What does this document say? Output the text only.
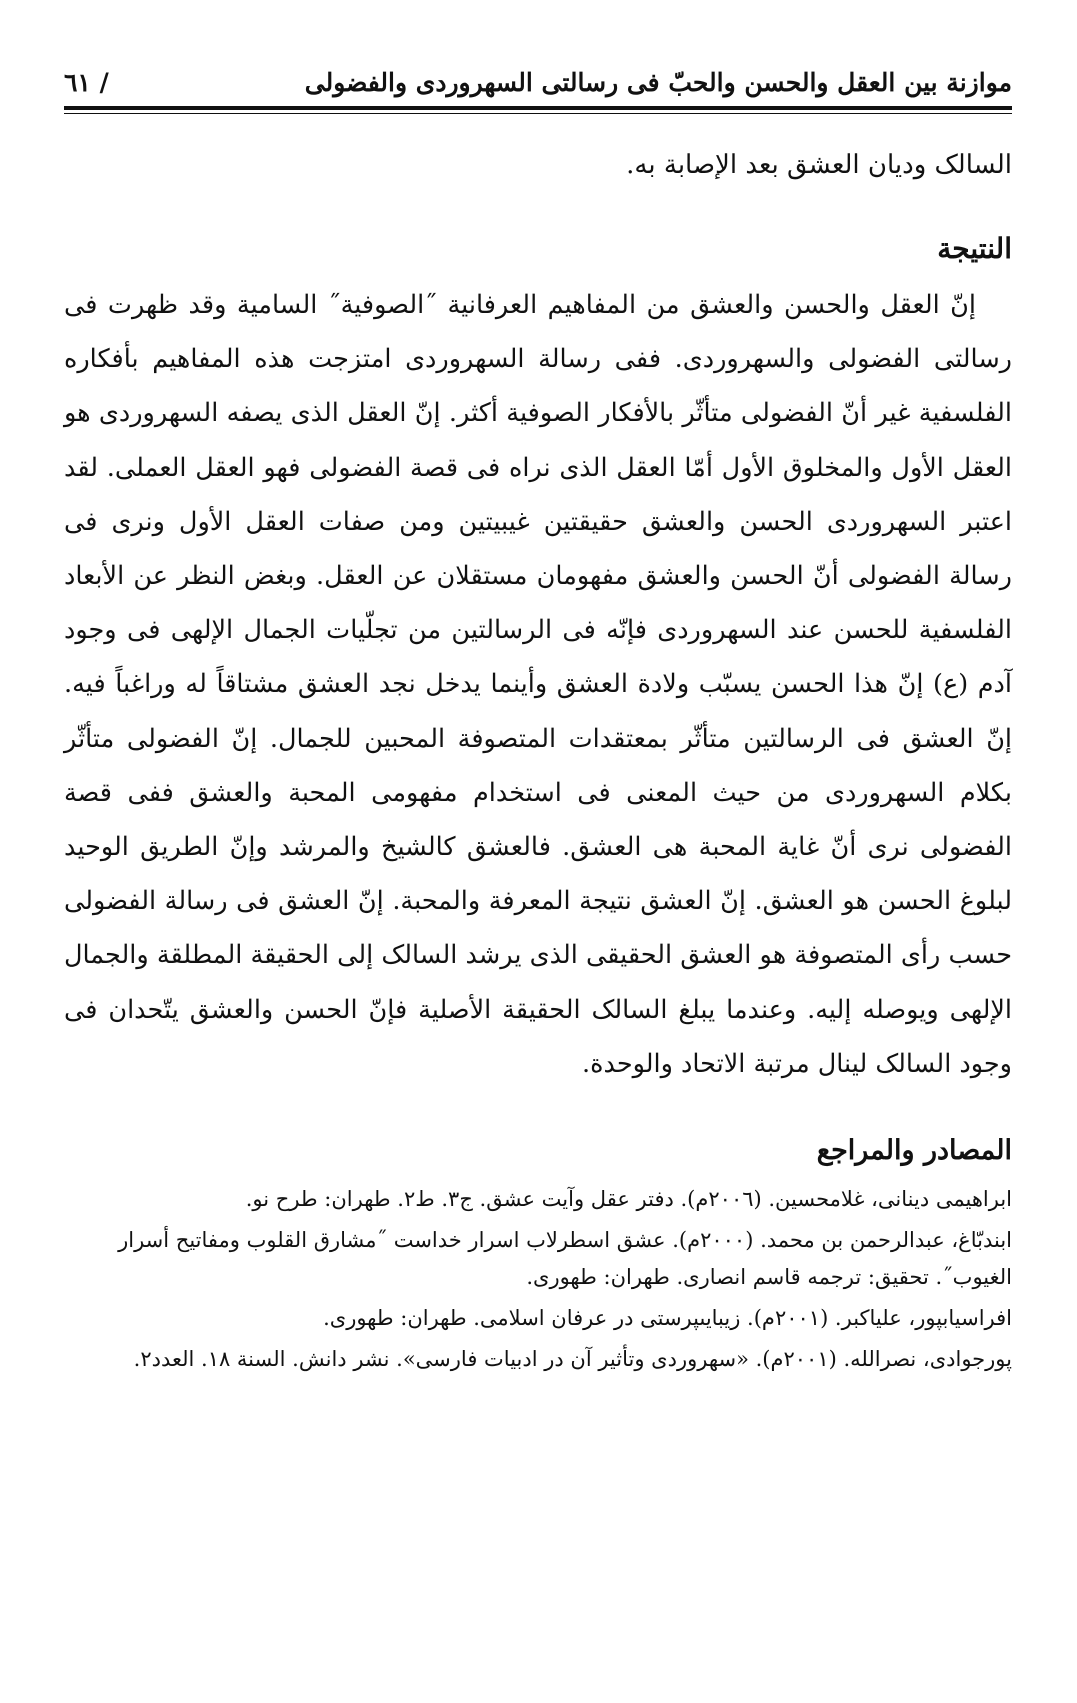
موازنة بين العقل والحسن والحبّ فى رسالتى السهروردى والفضولى
/ ٦١

السالک وديان العشق بعد الإصابة به.

النتيجة

إنّ العقل والحسن والعشق من المفاهيم العرفانية ˝الصوفية˝ السامية وقد ظهرت فى رسالتى الفضولى والسهروردى. ففى رسالة السهروردى امتزجت هذه المفاهيم بأفكاره الفلسفية غير أنّ الفضولى متأثّر بالأفكار الصوفية أكثر. إنّ العقل الذى يصفه السهروردى هو العقل الأول والمخلوق الأول أمّا العقل الذى نراه فى قصة الفضولى فهو العقل العملى. لقد اعتبر السهروردى الحسن والعشق حقيقتين غيبيتين ومن صفات العقل الأول ونرى فى رسالة الفضولى أنّ الحسن والعشق مفهومان مستقلان عن العقل. وبغض النظر عن الأبعاد الفلسفية للحسن عند السهروردى فإنّه فى الرسالتين من تجلّيات الجمال الإلهى فى وجود آدم (ع) إنّ هذا الحسن يسبّب ولادة العشق وأينما يدخل نجد العشق مشتاقاً له وراغباً فيه. إنّ العشق فى الرسالتين متأثّر بمعتقدات المتصوفة المحبين للجمال. إنّ الفضولى متأثّر بكلام السهروردى من حيث المعنى فى استخدام مفهومى المحبة والعشق ففى قصة الفضولى نرى أنّ غاية المحبة هى العشق. فالعشق كالشيخ والمرشد وإنّ الطريق الوحيد لبلوغ الحسن هو العشق. إنّ العشق نتيجة المعرفة والمحبة. إنّ العشق فى رسالة الفضولى حسب رأى المتصوفة هو العشق الحقيقى الذى يرشد السالک إلى الحقيقة المطلقة والجمال الإلهى ويوصله إليه. وعندما يبلغ السالک الحقيقة الأصلية فإنّ الحسن والعشق يتّحدان فى وجود السالک لينال مرتبة الاتحاد والوحدة.

المصادر والمراجع

ابراهيمى دينانى، غلامحسين. (٢٠٠٦م). دفتر عقل وآيت عشق. ج٣. ط٢. طهران: طرح نو.

ابندبّاغ، عبدالرحمن بن محمد. (٢٠٠٠م). عشق اسطرلاب اسرار خداست ˝مشارق القلوب ومفاتيح أسرار الغيوب˝. تحقيق: ترجمه قاسم انصارى. طهران: طهورى.

افراسيابپور، علياکبر. (٢٠٠١م). زيبايىپرستى در عرفان اسلامى. طهران: طهورى.

پورجوادى، نصرالله. (٢٠٠١م). «سهروردى وتأثير آن در ادبيات فارسى». نشر دانش. السنة ١٨. العدد٢.
